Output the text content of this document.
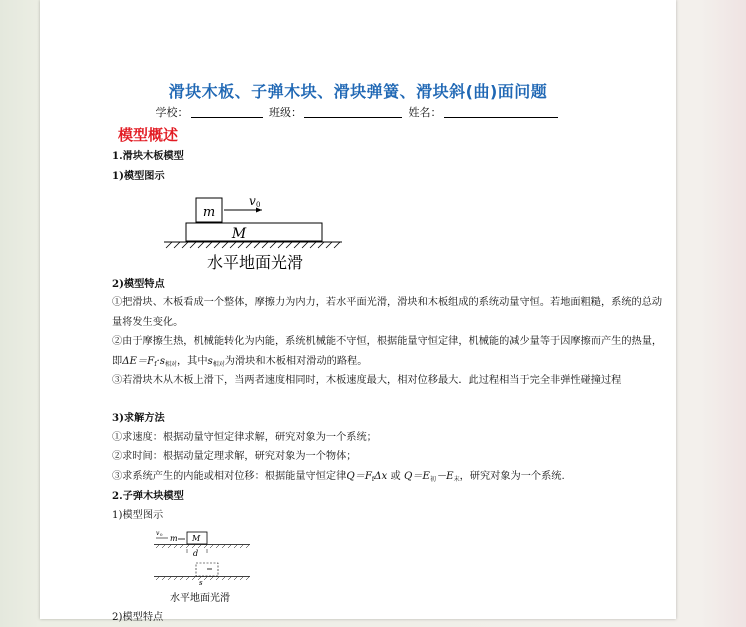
滑块木板、子弹木块、滑块弹簧、滑块斜(曲)面问题
学校：	班级：	姓名：
模型概述
1.滑块木板模型
1)模型图示
m
v 0
M
水平地面光滑
2)模型特点
①把滑块、木板看成一个整体，摩擦力为内力，若水平面光滑，滑块和木板组成的系统动量守恒。若地面粗糙，系统的总动量将发生变化。
②由于摩擦生热，机械能转化为内能，系统机械能不守恒，根据能量守恒定律，机械能的减少量等于因摩擦而产生的热量，即$\Delta E=F_f\cdot s_{相对}$，其中$s_{相对}$为滑块和木板相对滑动的路程。
③若滑块木从木板上滑下，当两者速度相同时，木板速度最大，相对位移最大．此过程相当于完全非弹性碰撞过程
3)求解方法
①求速度：根据动量守恒定律求解，研究对象为一个系统；
②求时间：根据动量定理求解，研究对象为一个物体；
③求系统产生的内能或相对位移：根据能量守恒定律$Q=F_f\Delta x$ 或 $Q=E_初-E_末$，研究对象为一个系统.
2.子弹木块模型
1)模型图示
v 0 m M
d
s
水平地面光滑
2)模型特点
